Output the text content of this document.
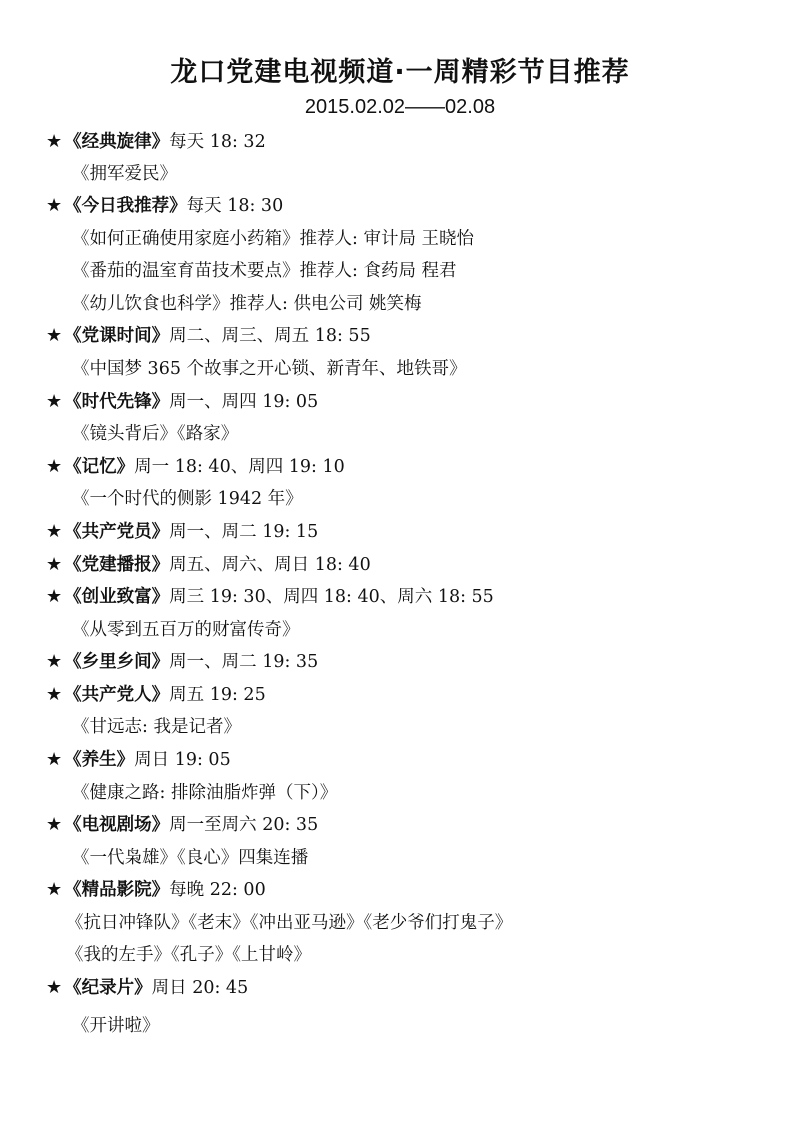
龙口党建电视频道·一周精彩节目推荐
2015.02.02——02.08
★ 《经典旋律》每天 18: 32
《拥军爱民》
★ 《今日我推荐》每天 18: 30
《如何正确使用家庭小药箱》推荐人: 审计局 王晓怡
《番茄的温室育苗技术要点》推荐人: 食药局 程君
《幼儿饮食也科学》推荐人: 供电公司 姚笑梅
★ 《党课时间》周二、周三、周五 18: 55
《中国梦 365 个故事之开心锁、新青年、地铁哥》
★ 《时代先锋》周一、周四 19: 05
《镜头背后》《路家》
★ 《记忆》周一 18: 40、周四 19: 10
《一个时代的侧影 1942 年》
★ 《共产党员》周一、周二 19: 15
★ 《党建播报》周五、周六、周日 18: 40
★ 《创业致富》周三 19: 30、周四 18: 40、周六 18: 55
《从零到五百万的财富传奇》
★ 《乡里乡间》周一、周二 19: 35
★ 《共产党人》周五 19: 25
《甘远志: 我是记者》
★ 《养生》周日 19: 05
《健康之路: 排除油脂炸弹（下）》
★ 《电视剧场》周一至周六 20: 35
《一代枭雄》《良心》四集连播
★ 《精品影院》每晚 22: 00
《抗日冲锋队》《老末》《冲出亚马逊》《老少爷们打鬼子》
《我的左手》《孔子》《上甘岭》
★ 《纪录片》周日 20: 45
《开讲啦》
